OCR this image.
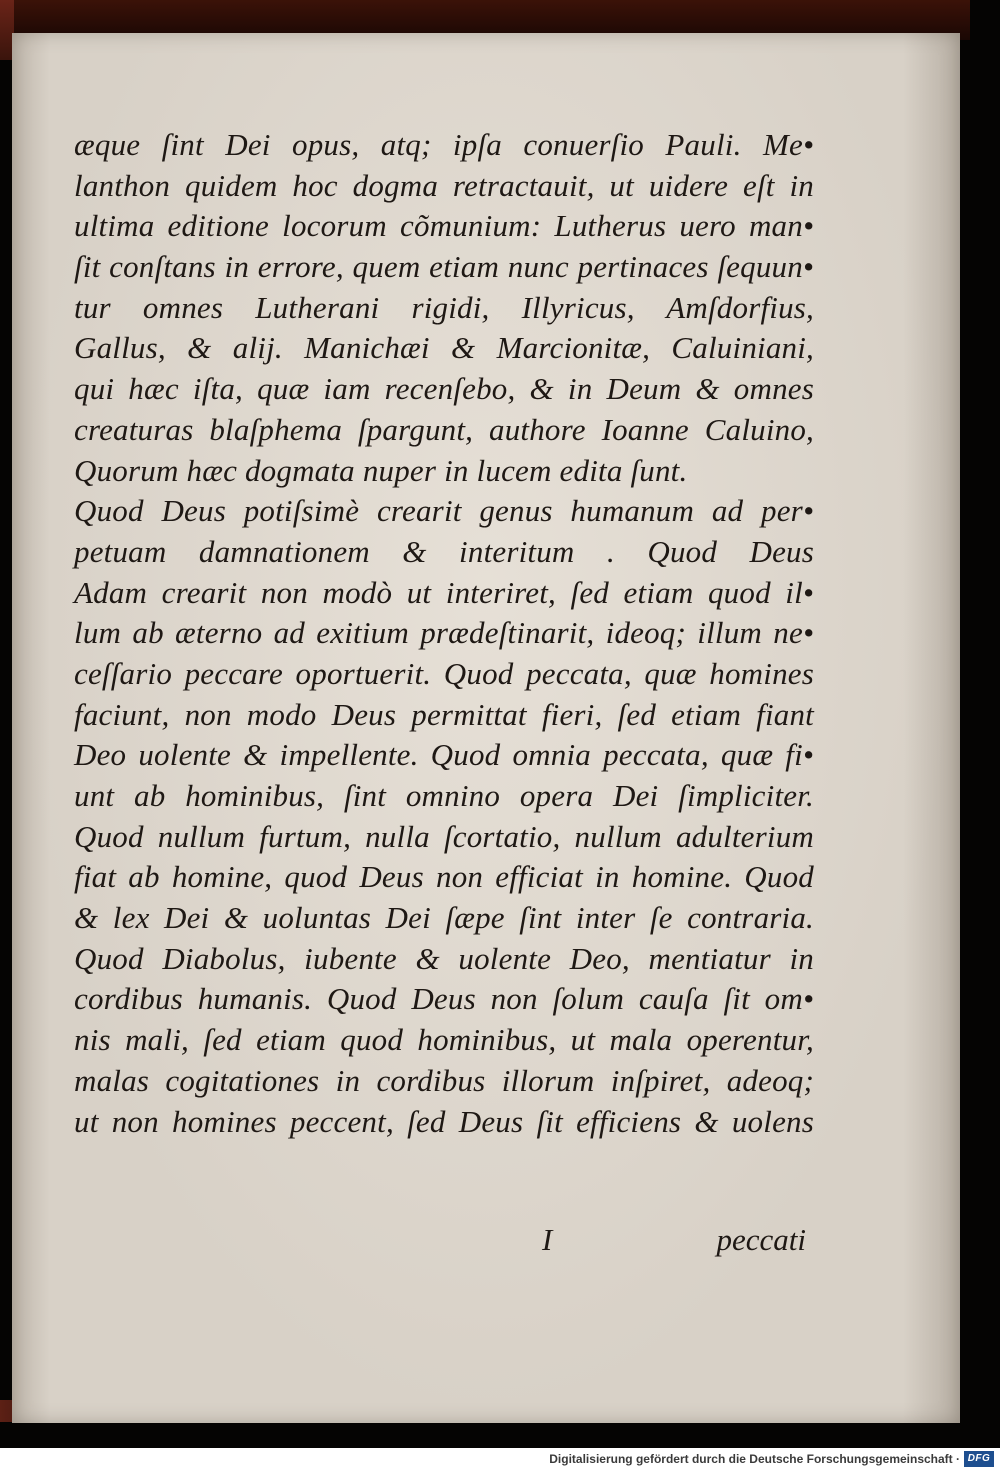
æque ſint Dei opus, atq; ipſa conuerſio Pauli. Me•
lanthon quidem hoc dogma retractauit, ut uidere eſt in
ultima editione locorum cõmunium: Lutherus uero man•
ſit conſtans in errore, quem etiam nunc pertinaces ſequun•
tur omnes Lutherani rigidi, Illyricus, Amſdorfius,
Gallus, & alij. Manichæi & Marcionitæ, Caluiniani,
qui hæc iſta, quæ iam recenſebo, & in Deum & omnes
creaturas blaſphema ſpargunt, authore Ioanne Caluino,
Quorum hæc dogmata nuper in lucem edita ſunt.
Quod Deus potiſsimè crearit genus humanum ad per•
petuam damnationem & interitum . Quod Deus
Adam crearit non modò ut interiret, ſed etiam quod il•
lum ab æterno ad exitium prædeſtinarit, ideoq; illum ne•
ceſſario peccare oportuerit. Quod peccata, quæ homines
faciunt, non modo Deus permittat fieri, ſed etiam fiant
Deo uolente & impellente. Quod omnia peccata, quæ fi•
unt ab hominibus, ſint omnino opera Dei ſimpliciter.
Quod nullum furtum, nulla ſcortatio, nullum adulterium
fiat ab homine, quod Deus non efficiat in homine. Quod
& lex Dei & uoluntas Dei ſæpe ſint inter ſe contraria.
Quod Diabolus, iubente & uolente Deo, mentiatur in
cordibus humanis. Quod Deus non ſolum cauſa ſit om•
nis mali, ſed etiam quod hominibus, ut mala operentur,
malas cogitationes in cordibus illorum inſpiret, adeoq;
ut non homines peccent, ſed Deus ſit efficiens & uolens
I	peccati
Digitalisierung gefördert durch die Deutsche Forschungsgemeinschaft · DFG
